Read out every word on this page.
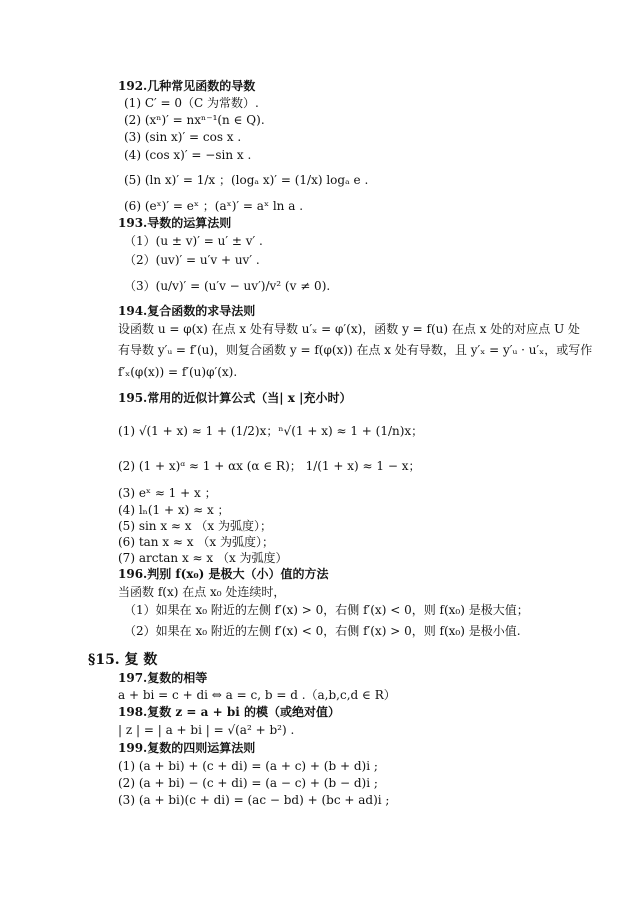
192.几种常见函数的导数
(1) C′ = 0（C 为常数）.
(2) (xⁿ)′ = nxⁿ⁻¹(n ∈ Q).
(3) (sin x)′ = cos x .
(4) (cos x)′ = −sin x .
(5) (ln x)′ = 1/x ；(logₐ x)′ = (1/x) logₐ e .
(6) (eˣ)′ = eˣ ；(aˣ)′ = aˣ ln a .
193.导数的运算法则
（1）(u ± v)′ = u′ ± v′ .
（2）(uv)′ = u′v + uv′ .
（3）(u/v)′ = (u′v − uv′)/v² (v ≠ 0).
194.复合函数的求导法则
设函数 u = φ(x) 在点 x 处有导数 u′ₓ = φ′(x)，函数 y = f(u) 在点 x 处的对应点 U 处
有导数 y′ᵤ = f′(u)，则复合函数 y = f(φ(x)) 在点 x 处有导数，且 y′ₓ = y′ᵤ · u′ₓ，或写作
f′ₓ(φ(x)) = f′(u)φ′(x).
195.常用的近似计算公式（当| x |充小时）
(1) √(1 + x) ≈ 1 + (1/2)x；ⁿ√(1 + x) ≈ 1 + (1/n)x；
(2) (1 + x)ᵅ ≈ 1 + αx (α ∈ R)； 1/(1 + x) ≈ 1 − x；
(3) eˣ ≈ 1 + x ；
(4) lₙ(1 + x) ≈ x ；
(5) sin x ≈ x （x 为弧度）；
(6) tan x ≈ x （x 为弧度）；
(7) arctan x ≈ x （x 为弧度）
196.判别 f(x₀) 是极大（小）值的方法
当函数 f(x) 在点 x₀ 处连续时，
（1）如果在 x₀ 附近的左侧 f′(x) > 0，右侧 f′(x) < 0，则 f(x₀) 是极大值；
（2）如果在 x₀ 附近的左侧 f′(x) < 0，右侧 f′(x) > 0，则 f(x₀) 是极小值.
§15. 复 数
197.复数的相等
a + bi = c + di ⇔ a = c, b = d .（a,b,c,d ∈ R）
198.复数 z = a + bi 的模（或绝对值）
| z | = | a + bi | = √(a² + b²) .
199.复数的四则运算法则
(1) (a + bi) + (c + di) = (a + c) + (b + d)i ;
(2) (a + bi) − (c + di) = (a − c) + (b − d)i ;
(3) (a + bi)(c + di) = (ac − bd) + (bc + ad)i ;
